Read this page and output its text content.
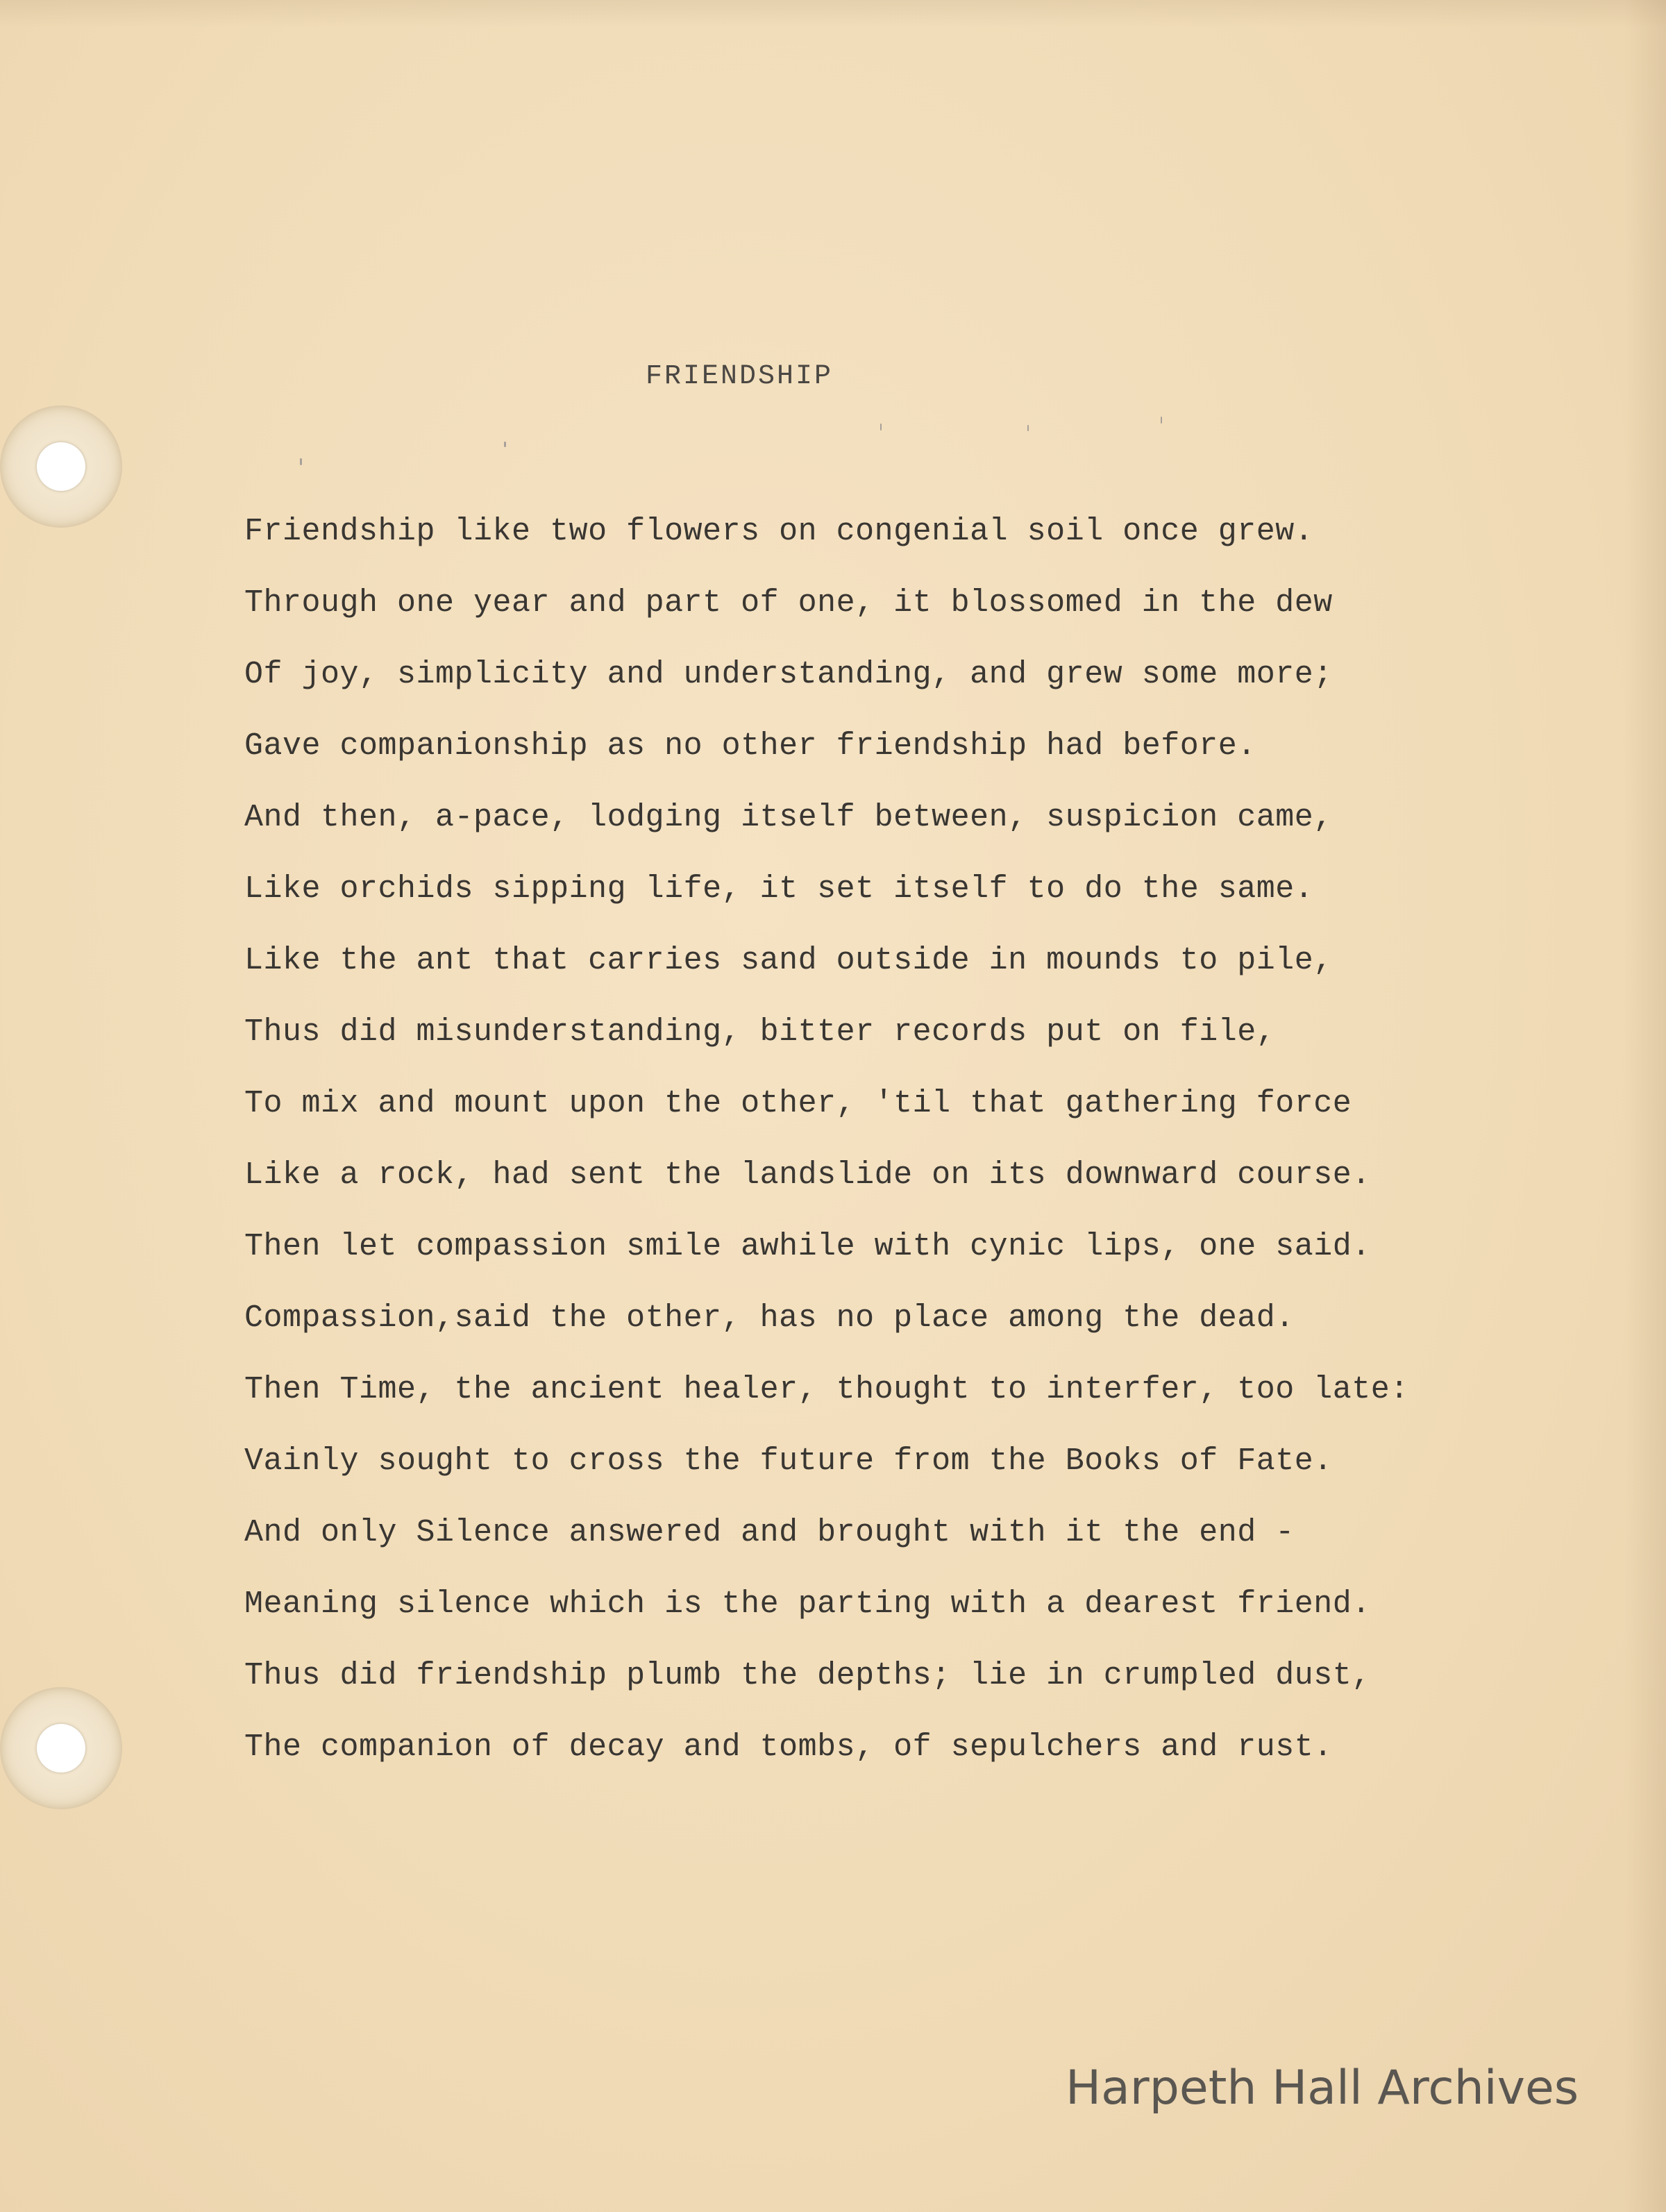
FRIENDSHIP
Friendship like two flowers on congenial soil once grew.
Through one year and part of one, it blossomed in the dew
Of joy, simplicity and understanding, and grew some more;
Gave companionship as no other friendship had before.
And then, a-pace, lodging itself between, suspicion came,
Like orchids sipping life, it set itself to do the same.
Like the ant that carries sand outside in mounds to pile,
Thus did misunderstanding, bitter records put on file,
To mix and mount upon the other, 'til that gathering force
Like a rock, had sent the landslide on its downward course.
Then let compassion smile awhile with cynic lips, one said.
Compassion,said the other, has no place among the dead.
Then Time, the ancient healer, thought to interfer, too late:
Vainly sought to cross the future from the Books of Fate.
And only Silence answered and brought with it the end -
Meaning silence which is the parting with a dearest friend.
Thus did friendship plumb the depths; lie in crumpled dust,
The companion of decay and tombs, of sepulchers and rust.
Harpeth Hall Archives
